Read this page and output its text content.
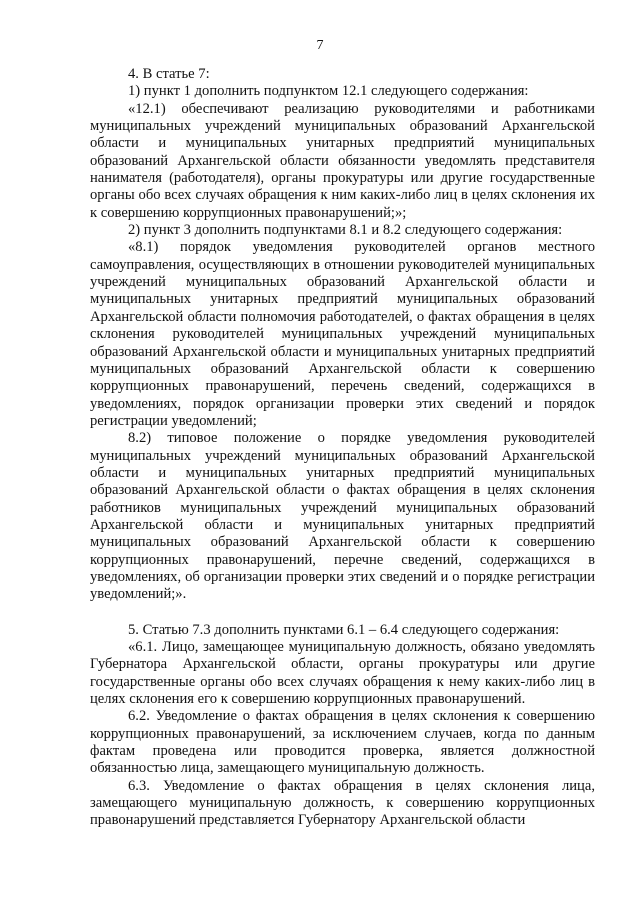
7

4. В статье 7:

1) пункт 1 дополнить подпунктом 12.1 следующего содержания:

«12.1) обеспечивают реализацию руководителями и работниками муниципальных учреждений муниципальных образований Архангельской области и муниципальных унитарных предприятий муниципальных образований Архангельской области обязанности уведомлять представителя нанимателя (работодателя), органы прокуратуры или другие государственные органы обо всех случаях обращения к ним каких-либо лиц в целях склонения их к совершению коррупционных правонарушений;»;

2) пункт 3 дополнить подпунктами 8.1 и 8.2 следующего содержания:

«8.1) порядок уведомления руководителей органов местного самоуправления, осуществляющих в отношении руководителей муниципальных учреждений муниципальных образований Архангельской области и муниципальных унитарных предприятий муниципальных образований Архангельской области полномочия работодателей, о фактах обращения в целях склонения руководителей муниципальных учреждений муниципальных образований Архангельской области и муниципальных унитарных предприятий муниципальных образований Архангельской области к совершению коррупционных правонарушений, перечень сведений, содержащихся в уведомлениях, порядок организации проверки этих сведений и порядок регистрации уведомлений;

8.2) типовое положение о порядке уведомления руководителей муниципальных учреждений муниципальных образований Архангельской области и муниципальных унитарных предприятий муниципальных образований Архангельской области о фактах обращения в целях склонения работников муниципальных учреждений муниципальных образований Архангельской области и муниципальных унитарных предприятий муниципальных образований Архангельской области к совершению коррупционных правонарушений, перечне сведений, содержащихся в уведомлениях, об организации проверки этих сведений и о порядке регистрации уведомлений;».

5. Статью 7.3 дополнить пунктами 6.1 – 6.4 следующего содержания:

«6.1. Лицо, замещающее муниципальную должность, обязано уведомлять Губернатора Архангельской области, органы прокуратуры или другие государственные органы обо всех случаях обращения к нему каких-либо лиц в целях склонения его к совершению коррупционных правонарушений.

6.2. Уведомление о фактах обращения в целях склонения к совершению коррупционных правонарушений, за исключением случаев, когда по данным фактам проведена или проводится проверка, является должностной обязанностью лица, замещающего муниципальную должность.

6.3. Уведомление о фактах обращения в целях склонения лица, замещающего муниципальную должность, к совершению коррупционных правонарушений представляется Губернатору Архангельской области
